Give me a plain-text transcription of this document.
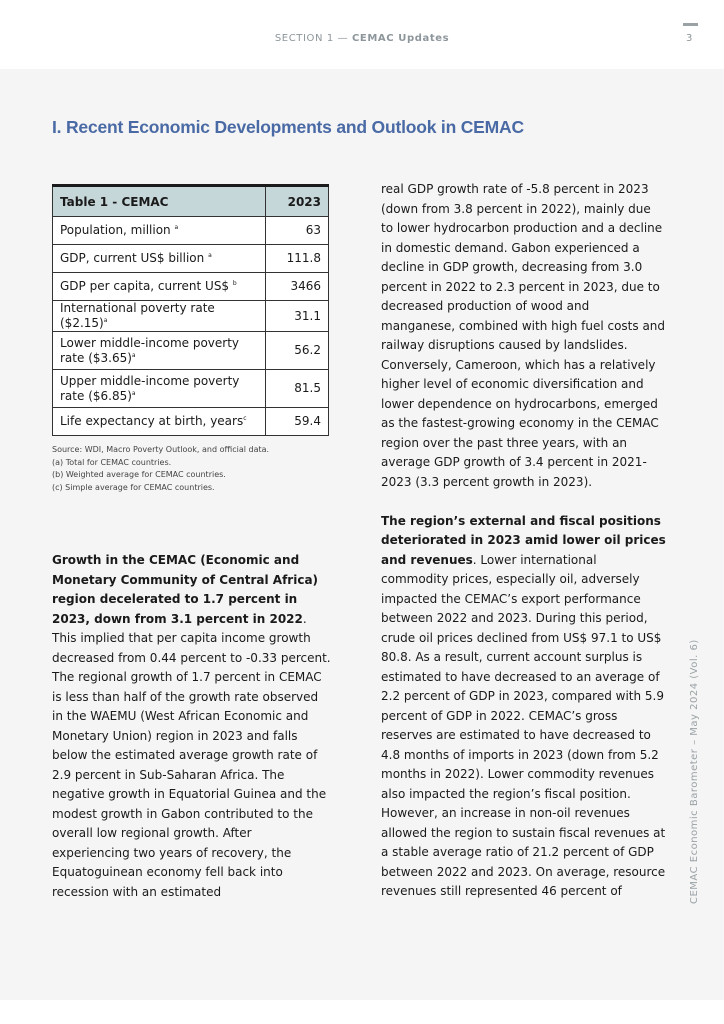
SECTION 1 — CEMAC Updates	3
I. Recent Economic Developments and Outlook in CEMAC
Table 1 - CEMAC	2023
Population, million $^a$	63
GDP, current US$ billion $^a$	111.8
GDP per capita, current US$ $^b$	3466
International poverty rate ($2.15)$^a$	31.1
Lower middle-income poverty rate ($3.65)$^a$	56.2
Upper middle-income poverty rate ($6.85)$^a$	81.5
Life expectancy at birth, years$^c$	59.4
Source: WDI, Macro Poverty Outlook, and official data.
(a) Total for CEMAC countries.
(b) Weighted average for CEMAC countries.
(c) Simple average for CEMAC countries.

Growth in the CEMAC (Economic and Monetary Community of Central Africa) region decelerated to 1.7 percent in 2023, down from 3.1 percent in 2022. This implied that per capita income growth decreased from 0.44 percent to -0.33 percent. The regional growth of 1.7 percent in CEMAC is less than half of the growth rate observed in the WAEMU (West African Economic and Monetary Union) region in 2023 and falls below the estimated average growth rate of 2.9 percent in Sub-Saharan Africa. The negative growth in Equatorial Guinea and the modest growth in Gabon contributed to the overall low regional growth. After experiencing two years of recovery, the Equatoguinean economy fell back into recession with an estimated

real GDP growth rate of -5.8 percent in 2023 (down from 3.8 percent in 2022), mainly due to lower hydrocarbon production and a decline in domestic demand. Gabon experienced a decline in GDP growth, decreasing from 3.0 percent in 2022 to 2.3 percent in 2023, due to decreased production of wood and manganese, combined with high fuel costs and railway disruptions caused by landslides. Conversely, Cameroon, which has a relatively higher level of economic diversification and lower dependence on hydrocarbons, emerged as the fastest-growing economy in the CEMAC region over the past three years, with an average GDP growth of 3.4 percent in 2021-2023 (3.3 percent growth in 2023).

The region’s external and fiscal positions deteriorated in 2023 amid lower oil prices and revenues. Lower international commodity prices, especially oil, adversely impacted the CEMAC’s export performance between 2022 and 2023. During this period, crude oil prices declined from US$ 97.1 to US$ 80.8. As a result, current account surplus is estimated to have decreased to an average of 2.2 percent of GDP in 2023, compared with 5.9 percent of GDP in 2022. CEMAC’s gross reserves are estimated to have decreased to 4.8 months of imports in 2023 (down from 5.2 months in 2022). Lower commodity revenues also impacted the region’s fiscal position. However, an increase in non-oil revenues allowed the region to sustain fiscal revenues at a stable average ratio of 21.2 percent of GDP between 2022 and 2023. On average, resource revenues still represented 46 percent of	CEMAC Economic Barometer – May 2024 (Vol. 6)
